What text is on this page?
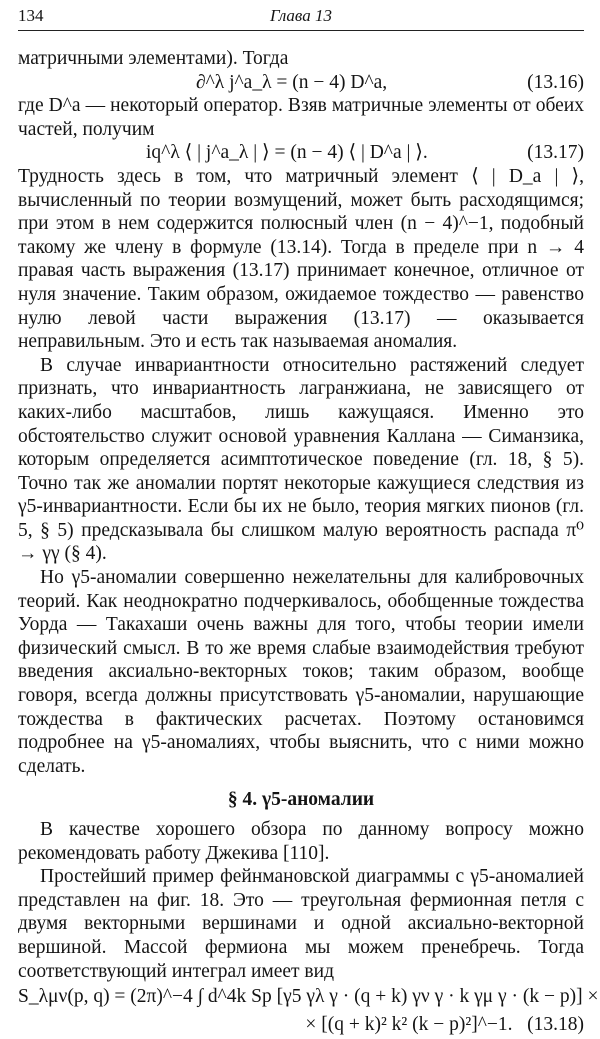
134	Глава 13

матричными элементами). Тогда

∂^λ j^a_λ = (n − 4) D^a,	(13.16)

где D^a — некоторый оператор. Взяв матричные элементы от обеих частей, получим

iq^λ ⟨ | j^a_λ | ⟩ = (n − 4) ⟨ | D^a | ⟩.	(13.17)

Трудность здесь в том, что матричный элемент ⟨ | D_a | ⟩, вычисленный по теории возмущений, может быть расходящимся; при этом в нем содержится полюсный член (n − 4)^−1, подобный такому же члену в формуле (13.14). Тогда в пределе при n → 4 правая часть выражения (13.17) принимает конечное, отличное от нуля значение. Таким образом, ожидаемое тождество — равенство нулю левой части выражения (13.17) — оказывается неправильным. Это и есть так называемая аномалия.

В случае инвариантности относительно растяжений следует признать, что инвариантность лагранжиана, не зависящего от каких-либо масштабов, лишь кажущаяся. Именно это обстоятельство служит основой уравнения Каллана — Симанзика, которым определяется асимптотическое поведение (гл. 18, § 5). Точно так же аномалии портят некоторые кажущиеся следствия из γ5-инвариантности. Если бы их не было, теория мягких пионов (гл. 5, § 5) предсказывала бы слишком малую вероятность распада π⁰ → γγ (§ 4).

Но γ5-аномалии совершенно нежелательны для калибровочных теорий. Как неоднократно подчеркивалось, обобщенные тождества Уорда — Такахаши очень важны для того, чтобы теории имели физический смысл. В то же время слабые взаимодействия требуют введения аксиально-векторных токов; таким образом, вообще говоря, всегда должны присутствовать γ5-аномалии, нарушающие тождества в фактических расчетах. Поэтому остановимся подробнее на γ5-аномалиях, чтобы выяснить, что с ними можно сделать.

§ 4. γ5-аномалии

В качестве хорошего обзора по данному вопросу можно рекомендовать работу Джекива [110].

Простейший пример фейнмановской диаграммы с γ5-аномалией представлен на фиг. 18. Это — треугольная фермионная петля с двумя векторными вершинами и одной аксиально-векторной вершиной. Массой фермиона мы можем пренебречь. Тогда соответствующий интеграл имеет вид

S_λμν(p, q) = (2π)^−4 ∫ d^4k Sp [γ5 γλ γ · (q + k) γν γ · k γμ γ · (k − p)] ×
× [(q + k)² k² (k − p)²]^−1. (13.18)
